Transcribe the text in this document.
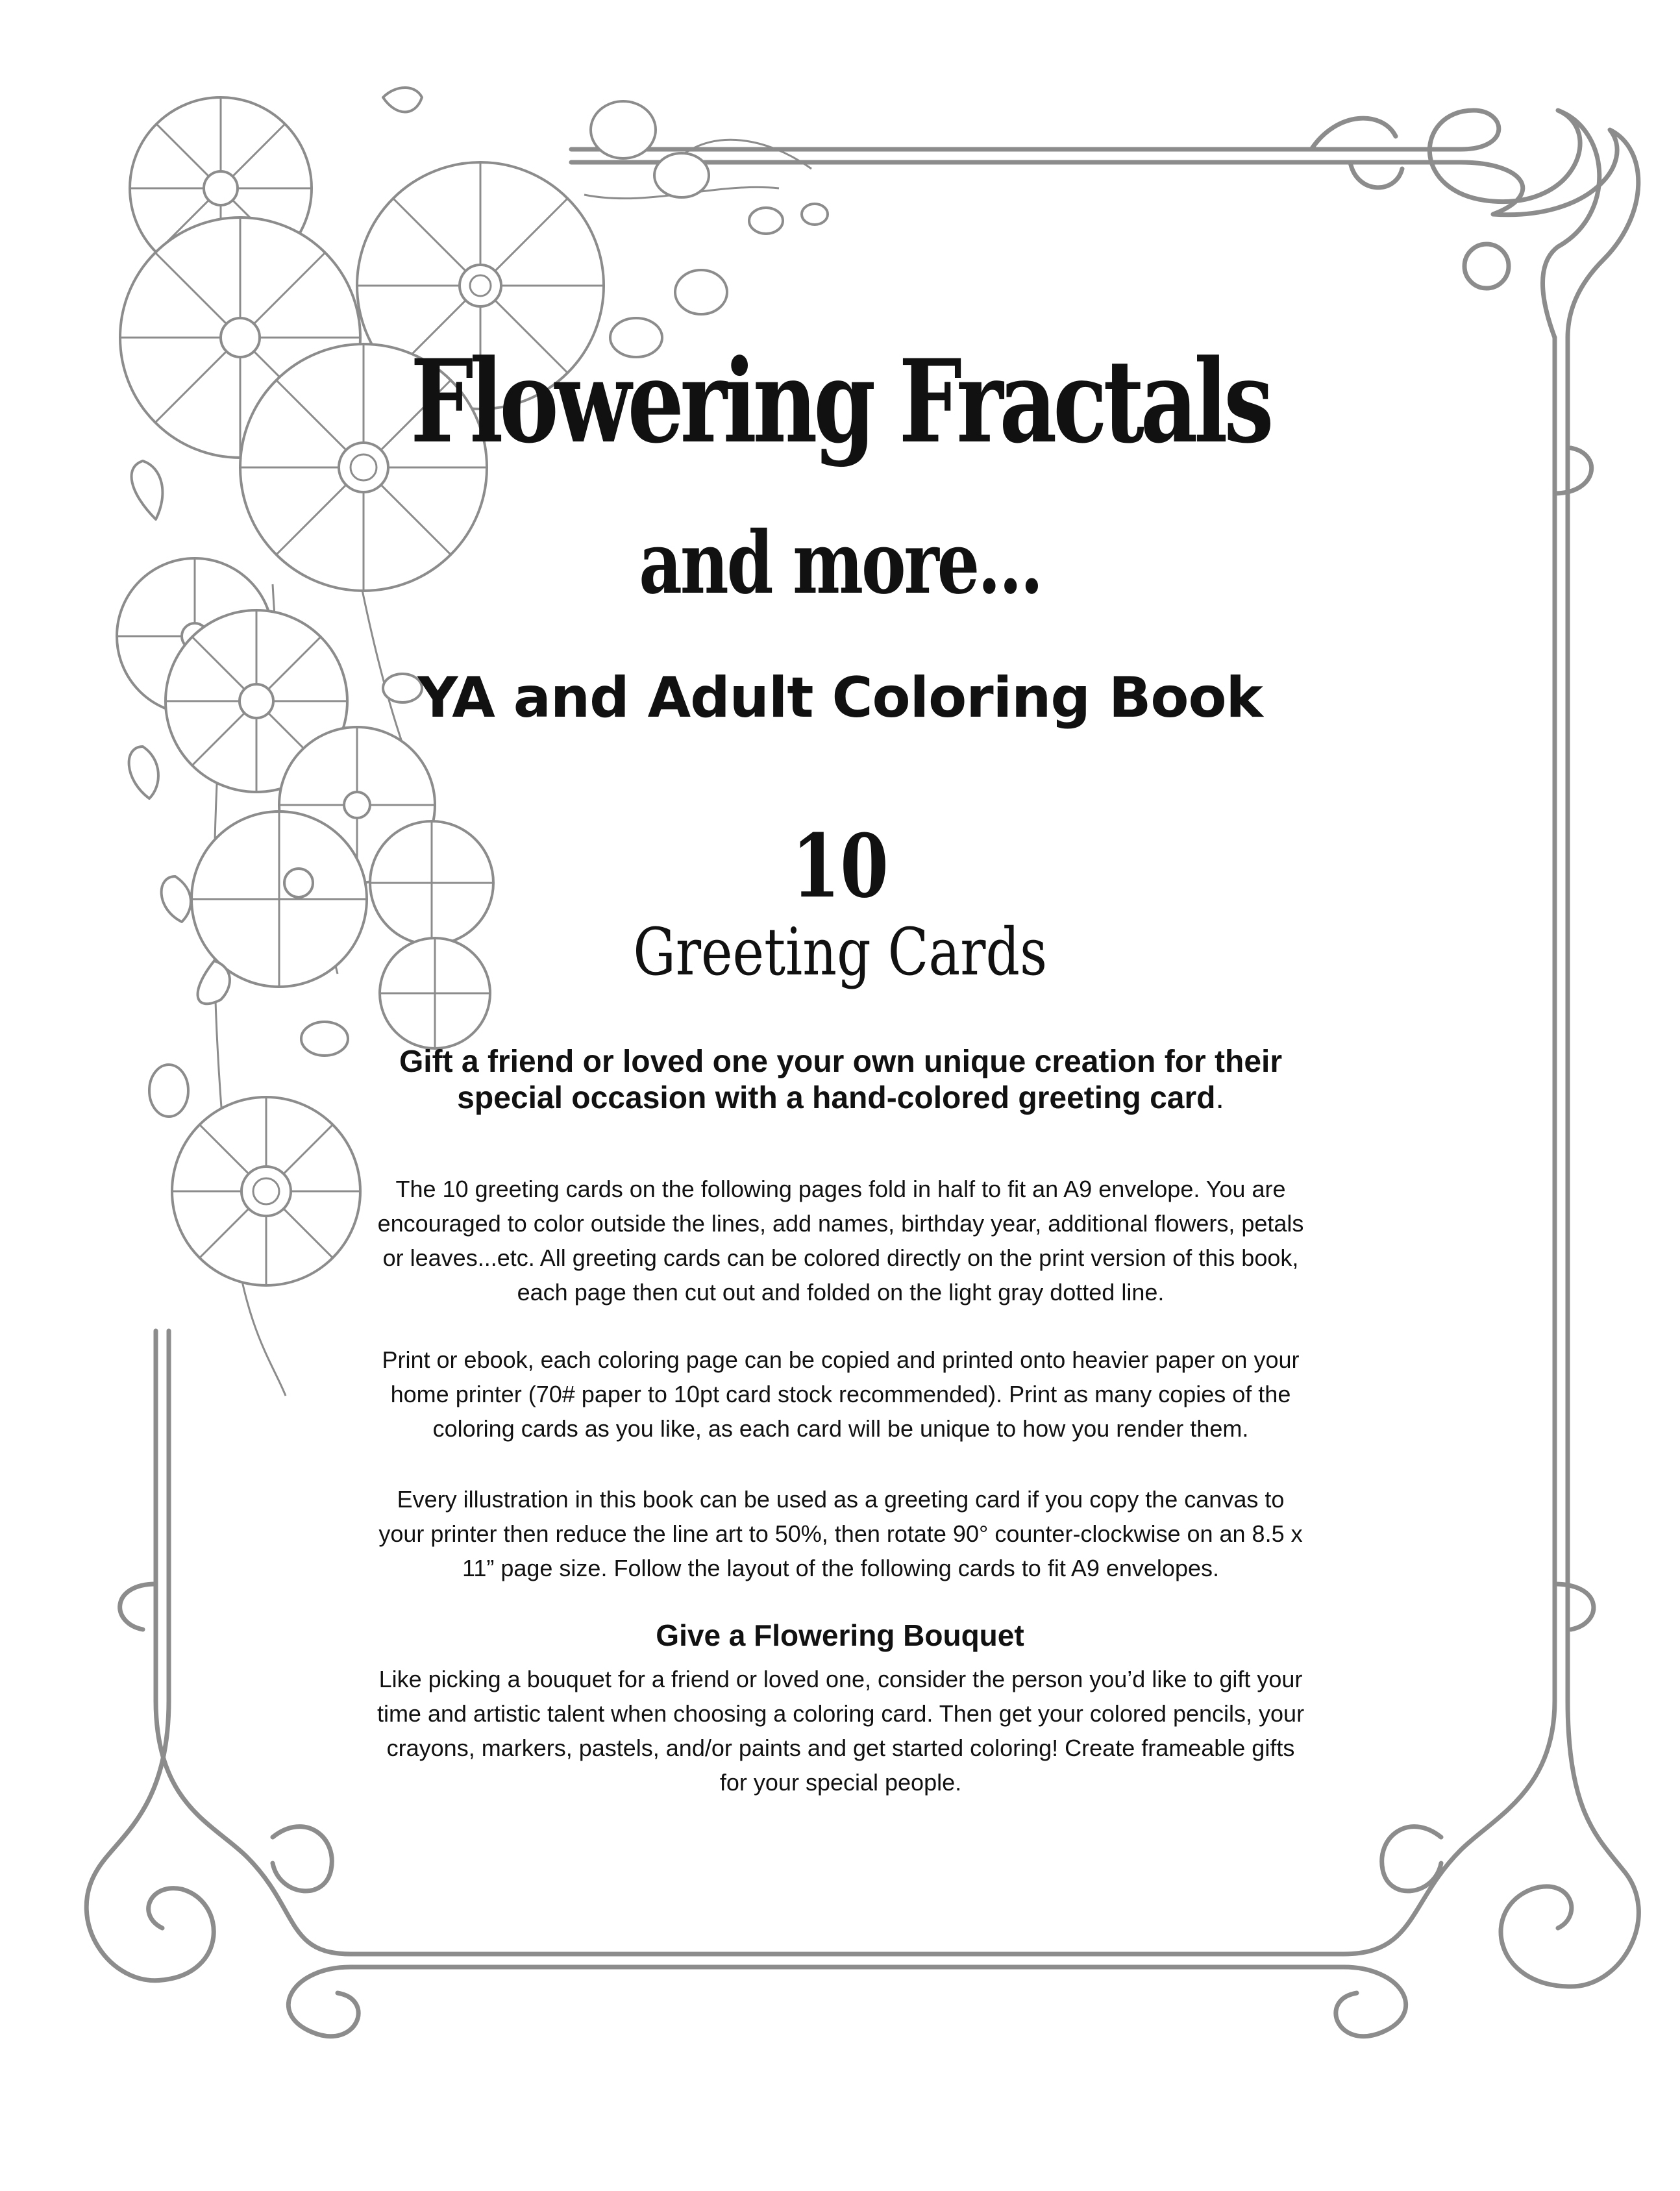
Flowering Fractals
and more...

YA and Adult Coloring Book

10

Greeting Cards

Gift a friend or loved one your own unique creation for their special occasion with a hand-colored greeting card.

The 10 greeting cards on the following pages fold in half to fit an A9 envelope. You are encouraged to color outside the lines, add names, birthday year, additional flowers, petals or leaves...etc. All greeting cards can be colored directly on the print version of this book, each page then cut out and folded on the light gray dotted line.

Print or ebook, each coloring page can be copied and printed onto heavier paper on your home printer (70# paper to 10pt card stock recommended). Print as many copies of the coloring cards as you like, as each card will be unique to how you render them.

Every illustration in this book can be used as a greeting card if you copy the canvas to your printer then reduce the line art to 50%, then rotate 90° counter-clockwise on an 8.5 x 11” page size. Follow the layout of the following cards to fit A9 envelopes.

Give a Flowering Bouquet

Like picking a bouquet for a friend or loved one, consider the person you’d like to gift your time and artistic talent when choosing a coloring card. Then get your colored pencils, your crayons, markers, pastels, and/or paints and get started coloring! Create frameable gifts for your special people.
